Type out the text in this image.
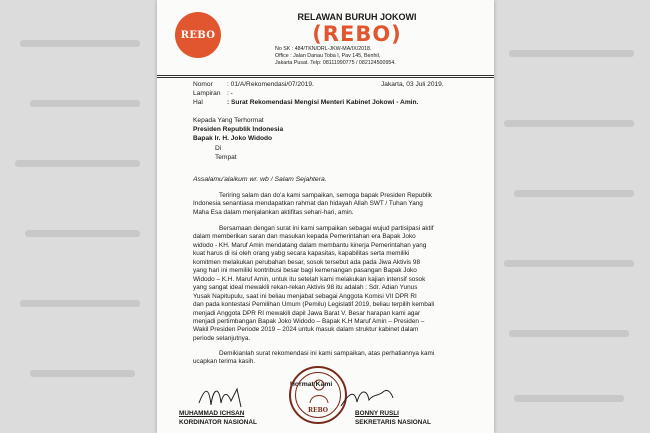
REBO
RELAWAN BURUH JOKOWI
(REBO)
No SK : 484/TKN/DRL-JKW-MA/IX/2018.
Office : Jalan Danau Toba I, Pav 145, Benhil,
Jakarta Pusat. Telp: 08111990775 / 082124500954.
Nomor : 01/A/Rekomendasi/07/2019.
Lampiran : -
Hal	: Surat Rekomendasi Mengisi Menteri Kabinet Jokowi - Amin.
Jakarta, 03 Juli 2019.
Kepada Yang Terhormat
Presiden Republik Indonesia
Bapak Ir. H. Joko Widodo
Di
Tempat
Assalamu'alaikum wr. wb / Salam Sejahtera.
Teriring salam dan do'a kami sampaikan, semoga bapak Presiden Republik
Indonesia senantiasa mendapatkan rahmat dan hidayah Allah SWT / Tuhan Yang
Maha Esa dalam menjalankan aktifitas sehari-hari, amin.
Bersamaan dengan surat ini kami sampaikan sebagai wujud partisipasi aktif
dalam memberikan saran dan masukan kepada Pemerintahan era Bapak Joko
widodo - KH. Maruf Amin mendatang dalam membantu kinerja Pemerintahan yang
kuat harus di isi oleh orang yabg secara kapasitas, kapabilitas serta memiliki
komitmen melakukan perubahan besar, sosok tersebut ada pada Jiwa Aktivis 98
yang hari ini memiliki kontribusi besar bagi kemenangan pasangan Bapak Joko
Widodo – K.H. Maruf Amin, untuk itu setelah kami melakukan kajian intensif sosok
yang sangat ideal mewakili rekan-rekan Aktivis 98 itu adalah : Sdr. Adian Yunus
Yusak Napitupulu, saat ini beliau menjabat sebagai Anggota Komisi VII DPR RI
dan pada kontestasi Pemilihan Umum (Pemilu) Legislatif 2019, beliau terpilih kembali
menjadi Anggota DPR RI mewakili dapil Jawa Barat V. Besar harapan kami agar
menjadi pertimbangan Bapak Joko Widodo – Bapak K.H Maruf Amin – Presiden –
Wakil Presiden Periode 2019 – 2024 untuk masuk dalam struktur kabinet dalam
periode selanjutnya.
Demikianlah surat rekomendasi ini kami sampaikan, atas perhatiannya kami
ucapkan terima kasih.
Hormat Kami
REBO
MUHAMMAD ICHSAN
KORDINATOR NASIONAL
BONNY RUSLI
SEKRETARIS NASIONAL
